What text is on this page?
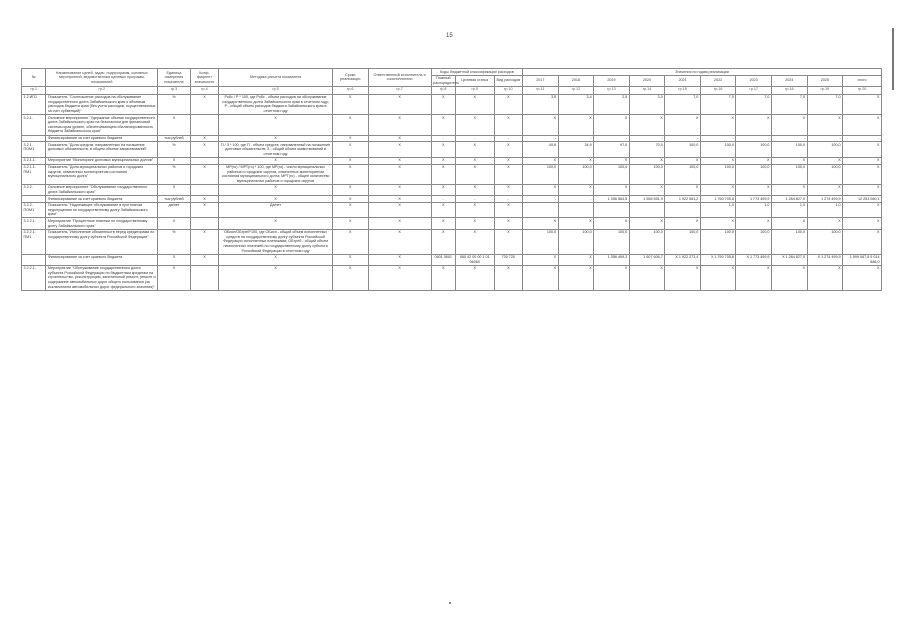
15
№	Наименование целей, задач, подпрограмм, основных мероприятий, ведомственных целевых программ, показателей	Единица измерения показателя	Коэф-фициент значимости	Методика расчета показателя	Сроки реализации	Ответственный исполнитель и соисполнители	Коды бюджетной классификации расходов			Значения по годам реализации									
							Главный распорядитель	Целевая статья	Вид расходов	2017	2018	2019	2020	2021	2022	2023	2024	2025	итого
гр.1	гр.2	гр.3	гр.4	гр.5	гр.6	гр.7	гр.8	гр.9	гр.10	гр.11	гр.12	гр.13	гр.14	гр.15	гр.16	гр.17	гр.18	гр.19	гр.20
1.2.ИП1	Показатель "Соотношение расходов на обслуживание государственного долга Забайкальского края к объемым расходов бюджета края (без учета расходов, осуществляемых за счет субвенций)"	%	X	Робс / Р * 100, где Робс - объем расходов на обслуживание государственного долга Забайкальского края в отчетном году; Р - общий объем расходов бюджета Забайкальского края в отчетном году	X	X	X	X	X	3,6	3,4	2,5	3,0	7,0	7,0	7,0	7,0	7,0	X
3.2.1.	Основное мероприятие "Удержание объема государственного долга Забайкальского края на безопасном для финансовой системы края уровне, обеспечивающем сбалансированность бюджета Забайкальского края"	X		X	X	X	X	X	X	X	X	X	X	X	X	X	X	X	X
	Финансирование за счет краевого бюджета	тыс.рублей	X	X	X	X	-	-	-	-	-	-	-	-	-	-	-	-	-
3.2.1. ПОМ1	Показатель "Доля средств, направленных на погашение долговых обязательств, в общем объеме заимствований"	%	X	П / З * 100, где П - объем средств, направленный на погашение долговых обязательств; З - общий объем заимствований в отчетном году	X	X	X	X	X	40,8	34,9	97,0	70,0	100,0	100,0	100,0	100,0	100,0	X
3.2.1.1.	Мероприятие "Мониторинг долговых муниципальных долгов"	X		X	X	X	X	X	X	X	X	X	X	X	X	X	X	X	X
3.2.1.1. ПМ1	Показатель "Доля муниципальных районов и городских округов, охваченных мониторингом состояния муниципального долга"	%	X	МР(го) / МРТ(го) * 100, где МР(го) - число муниципальных районов и городских округов, охваченных мониторингом состояния муниципального долга; МРТ(го) - общее количество муниципальных районов и городских округов	X	X	X	X	X	100,0	100,0	100,0	100,0	100,0	100,0	100,0	100,0	100,0	X
3.2.2.	Основное мероприятие "Обслуживание государственного долга Забайкальского края"	X		X	X	X	X	X	X	X	X	X	X	X	X	X	X	X	X
	Финансирование за счет краевого бюджета	тыс.рублей	X	X	X	X	-	-	-	-	-	1 056 564,5	1 556 551,9	1 922 563,2	1 760 705,8	1 773 499,9	1 284 827,0	1 274 499,9	12 253 080,1
3.2.2. ПОМ1	Показатель "Надлежащее обслуживание в прогнозном недопущению по государственному долгу Забайкальского края"	да/нет	X	Да/нет	X	X	X	X	X						1,0	1,0	1,0	1,0	X
3.2.2.1.	Мероприятие "Процентные платежи по государственному долгу Забайкальского края"	X		X	X	X	X	X	X	X	X	X	X	X	X	X	X	X	X
3.2.2.1. ПМ1	Показатель "Исполнение обязательств перед кредиторами по государственному долгу субъекта Российской Федерации"	%	X	ОБисп/ОБтреб*100, где ОБисп - общий объем исполненных средств на государственному долгу субъекта Российской Федерации исполненных платежами; ОБтреб - общий объем начисленных платежей по государственному долгу субъекта Российской Федерации в отчетном году	X	X	X	X	X	100,0	100,0	100,0	100,0	100,0	100,0	100,0	100,0	100,0	X
	Финансирование за счет краевого бюджета	X	X	X	X	X	0601 0601	060 42 00 00 1 01 06060	730 720	X	X	1 056 469,3	1 607 606,7	X 1 922 273,4	X 1 760 705,8	X 1 773 499,9	X 1 284 827,0	X 1 274 499,9	1 599 067,8 9 014 886,0
3.2.2.1.	Мероприятие "Обслуживание государственного долга субъекта Российской Федерации по бюджетным кредитам на строительство, реконструкцию, капитальный ремонт, ремонт и содержание автомобильных дорог общего пользования (за исключением автомобильных дорог федерального значения)"	X		X	X	X	X	X	X	X	X	X	X	X	X	X	X	X	X
